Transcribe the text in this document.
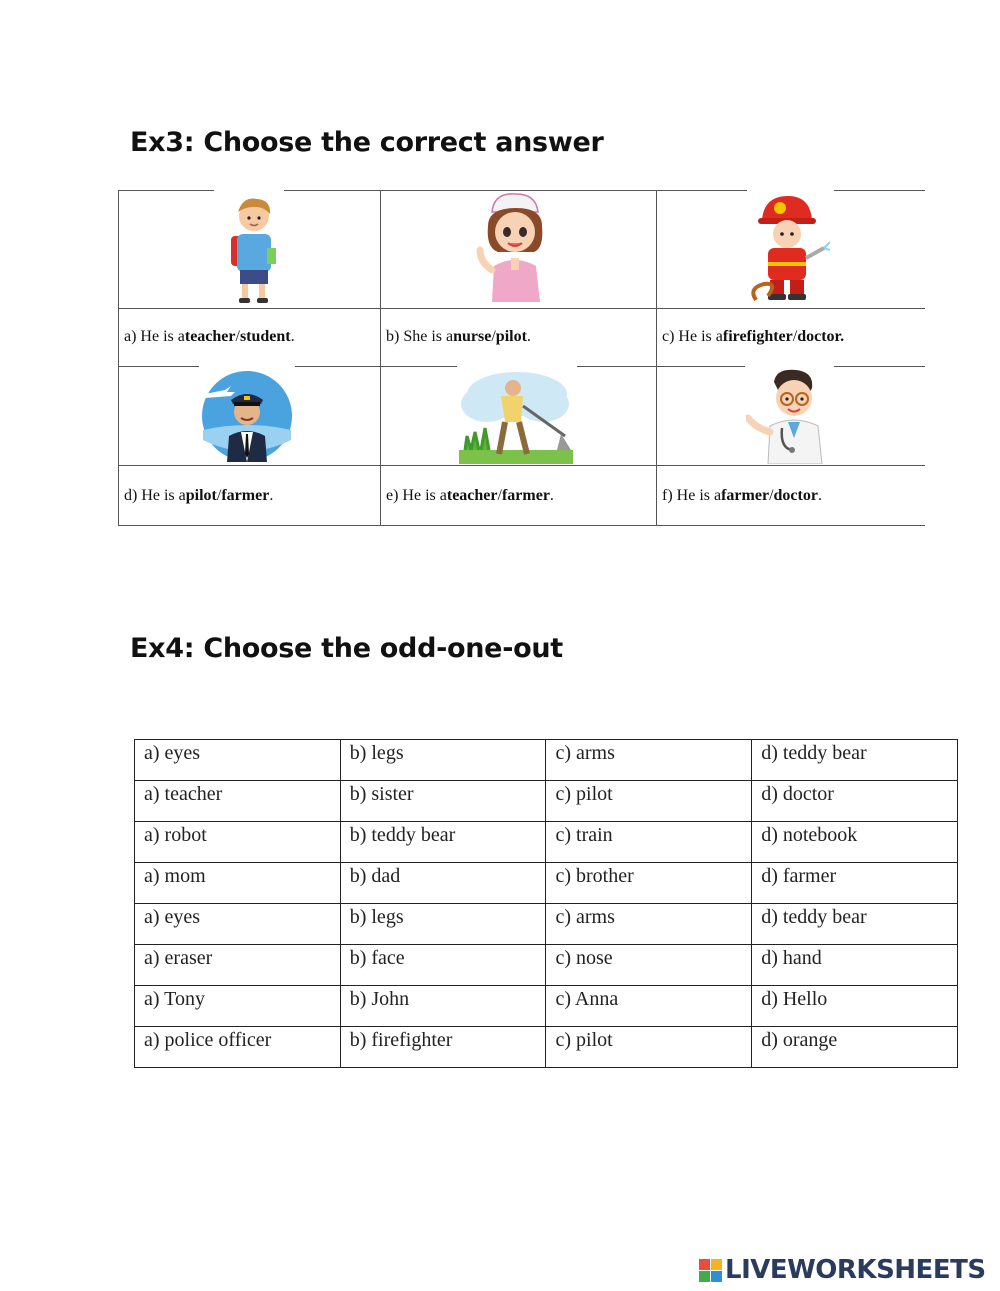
Ex3: Choose the correct answer
a) He is a teacher / student .	b) She is a nurse / pilot .	c) He is a firefighter / doctor.
d) He is a pilot / farmer .	e) He is a teacher / farmer .	f) He is a farmer / doctor .
Ex4: Choose the odd-one-out
a) eyes	b) legs	c) arms	d) teddy bear
a) teacher	b) sister	c) pilot	d) doctor
a) robot	b) teddy bear	c) train	d) notebook
a) mom	b) dad	c) brother	d) farmer
a) eyes	b) legs	c) arms	d) teddy bear
a) eraser	b) face	c) nose	d) hand
a) Tony	b) John	c) Anna	d) Hello
a) police officer	b) firefighter	c) pilot	d) orange
LIVEWORKSHEETS
